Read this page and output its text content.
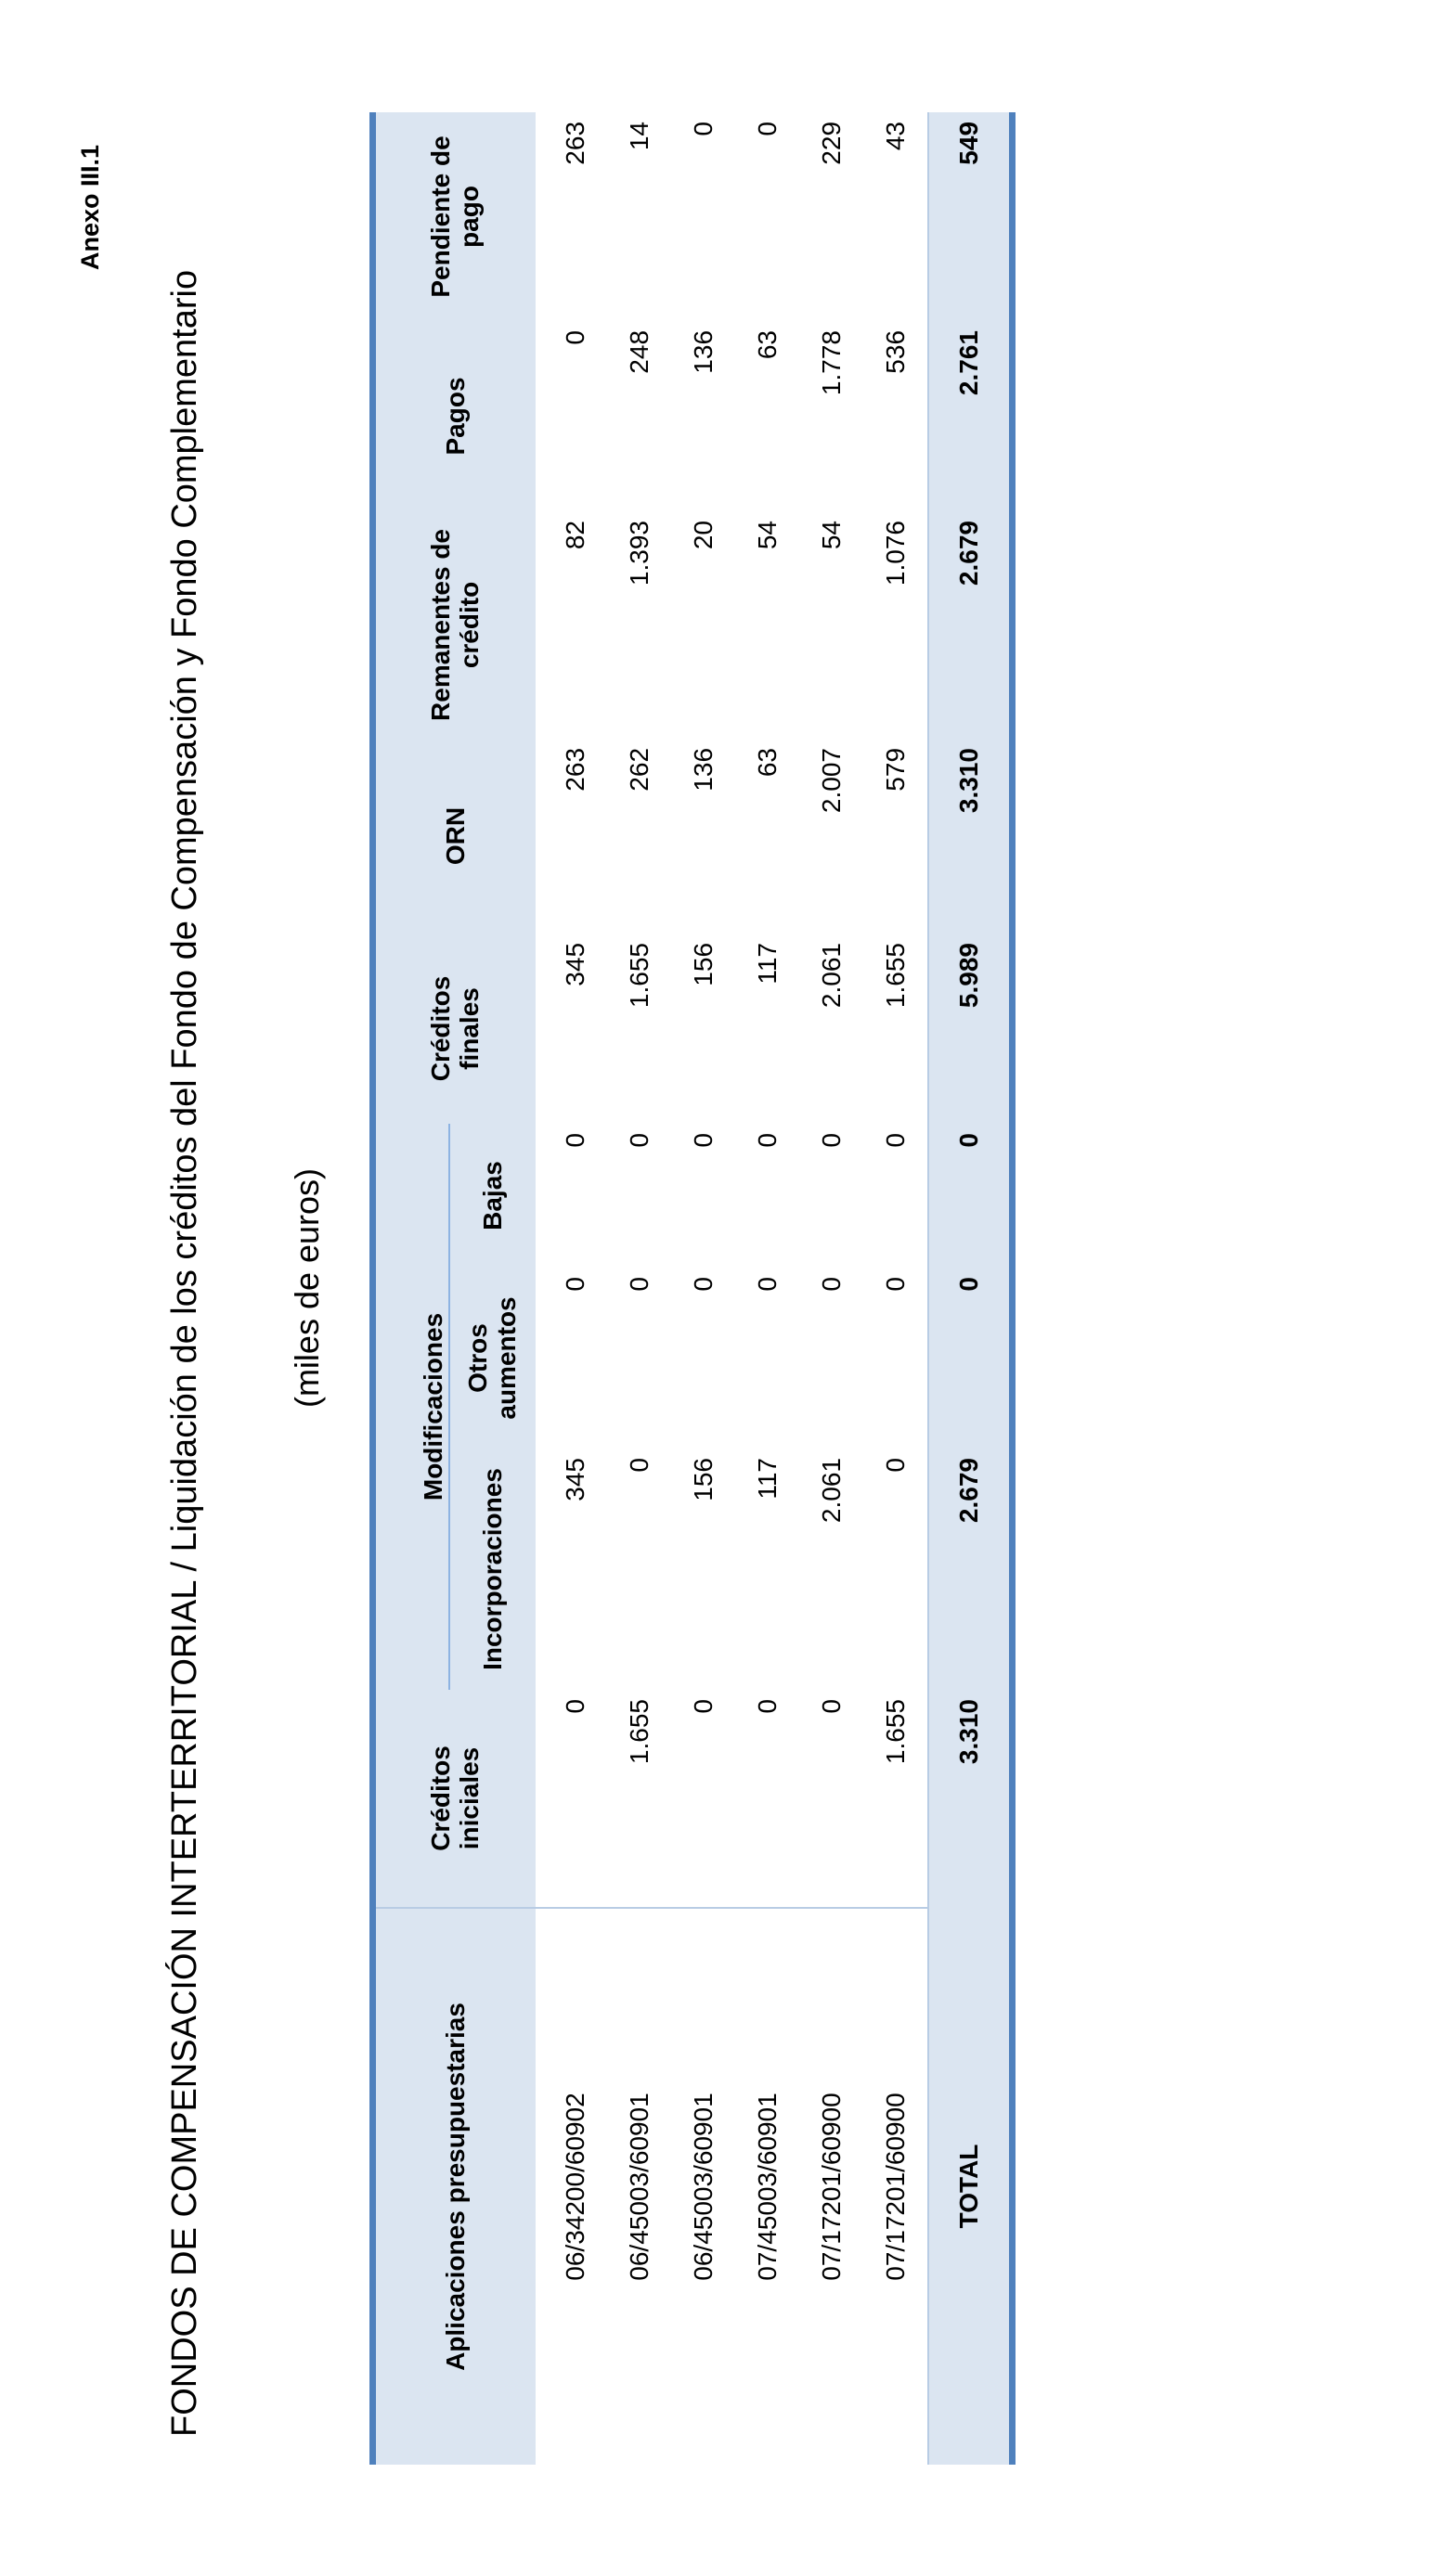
Anexo III.1
FONDOS DE COMPENSACIÓN INTERTERRITORIAL / Liquidación de los créditos del Fondo de Compensación y Fondo Complementario	(miles de euros)
Aplicaciones presupuestarias	Créditos iniciales	Modificaciones			Créditos finales	ORN	Remanentes de crédito	Pagos	Pendiente de pago
		Incorporaciones	Otros aumentos	Bajas					
06/34200/60902	0	345	0	0	345	263	82	0	263
06/45003/60901	1.655	0	0	0	1.655	262	1.393	248	14
06/45003/60901	0	156	0	0	156	136	20	136	0
07/45003/60901	0	117	0	0	117	63	54	63	0
07/17201/60900	0	2.061	0	0	2.061	2.007	54	1.778	229
07/17201/60900	1.655	0	0	0	1.655	579	1.076	536	43
TOTAL	3.310	2.679	0	0	5.989	3.310	2.679	2.761	549
